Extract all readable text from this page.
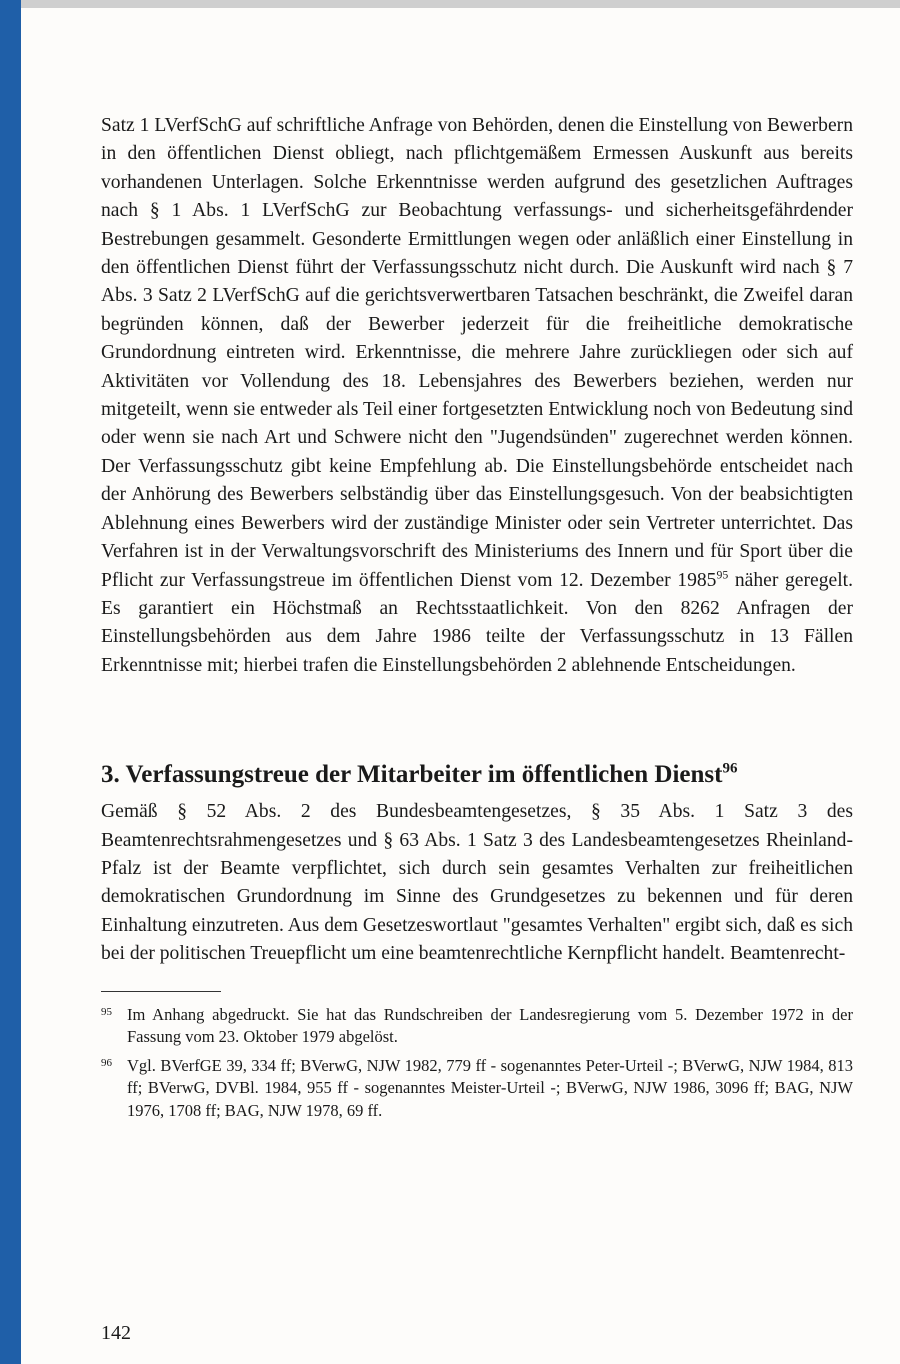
Satz 1 LVerfSchG auf schriftliche Anfrage von Behörden, denen die Einstellung von Bewerbern in den öffentlichen Dienst obliegt, nach pflichtgemäßem Ermessen Auskunft aus bereits vorhandenen Unterlagen. Solche Erkenntnisse werden aufgrund des gesetzlichen Auftrages nach § 1 Abs. 1 LVerfSchG zur Beobachtung verfassungs- und sicherheitsgefährdender Bestrebungen gesammelt. Gesonderte Ermittlungen wegen oder anläßlich einer Einstellung in den öffentlichen Dienst führt der Verfassungsschutz nicht durch. Die Auskunft wird nach § 7 Abs. 3 Satz 2 LVerfSchG auf die gerichtsverwertbaren Tatsachen beschränkt, die Zweifel daran begründen können, daß der Bewerber jederzeit für die freiheitliche demokratische Grundordnung eintreten wird. Erkenntnisse, die mehrere Jahre zurückliegen oder sich auf Aktivitäten vor Vollendung des 18. Lebensjahres des Bewerbers beziehen, werden nur mitgeteilt, wenn sie entweder als Teil einer fortgesetzten Entwicklung noch von Bedeutung sind oder wenn sie nach Art und Schwere nicht den "Jugendsünden" zugerechnet werden können. Der Verfassungsschutz gibt keine Empfehlung ab. Die Einstellungsbehörde entscheidet nach der Anhörung des Bewerbers selbständig über das Einstellungsgesuch. Von der beabsichtigten Ablehnung eines Bewerbers wird der zuständige Minister oder sein Vertreter unterrichtet. Das Verfahren ist in der Verwaltungsvorschrift des Ministeriums des Innern und für Sport über die Pflicht zur Verfassungstreue im öffentlichen Dienst vom 12. Dezember 1985$^{95}$ näher geregelt. Es garantiert ein Höchstmaß an Rechtsstaatlichkeit. Von den 8262 Anfragen der Einstellungsbehörden aus dem Jahre 1986 teilte der Verfassungsschutz in 13 Fällen Erkenntnisse mit; hierbei trafen die Einstellungsbehörden 2 ablehnende Entscheidungen.

3. Verfassungstreue der Mitarbeiter im öffentlichen Dienst$^{96}$

Gemäß § 52 Abs. 2 des Bundesbeamtengesetzes, § 35 Abs. 1 Satz 3 des Beamtenrechtsrahmengesetzes und § 63 Abs. 1 Satz 3 des Landesbeamtengesetzes Rheinland-Pfalz ist der Beamte verpflichtet, sich durch sein gesamtes Verhalten zur freiheitlichen demokratischen Grundordnung im Sinne des Grundgesetzes zu bekennen und für deren Einhaltung einzutreten. Aus dem Gesetzeswortlaut "gesamtes Verhalten" ergibt sich, daß es sich bei der politischen Treuepflicht um eine beamtenrechtliche Kernpflicht handelt. Beamtenrecht-

95 Im Anhang abgedruckt. Sie hat das Rundschreiben der Landesregierung vom 5. Dezember 1972 in der Fassung vom 23. Oktober 1979 abgelöst.
96 Vgl. BVerfGE 39, 334 ff; BVerwG, NJW 1982, 779 ff - sogenanntes Peter-Urteil -; BVerwG, NJW 1984, 813 ff; BVerwG, DVBl. 1984, 955 ff - sogenanntes Meister-Urteil -; BVerwG, NJW 1986, 3096 ff; BAG, NJW 1976, 1708 ff; BAG, NJW 1978, 69 ff.
142
